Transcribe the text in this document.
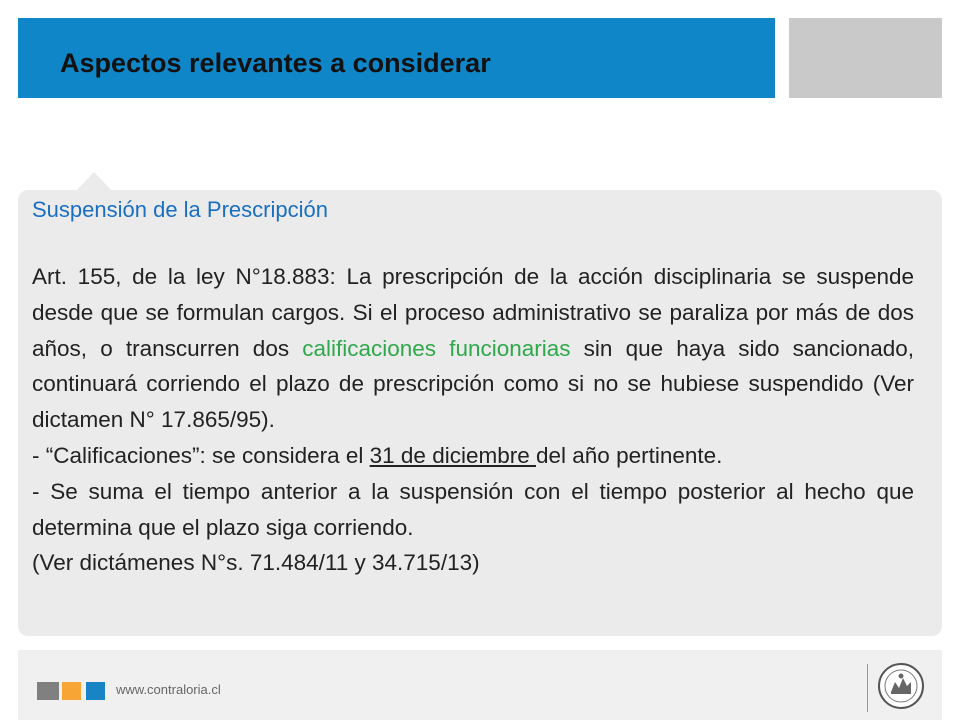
Aspectos relevantes a considerar
Suspensión de la Prescripción

Art. 155, de la ley N°18.883: La prescripción de la acción disciplinaria se suspende desde que se formulan cargos. Si el proceso administrativo se paraliza por más de dos años, o transcurren dos calificaciones funcionarias sin que haya sido sancionado, continuará corriendo el plazo de prescripción como si no se hubiese suspendido (Ver dictamen N° 17.865/95).

- “Calificaciones”: se considera el 31 de diciembre del año pertinente.

- Se suma el tiempo anterior a la suspensión con el tiempo posterior al hecho que determina que el plazo siga corriendo.

(Ver dictámenes N°s. 71.484/11 y 34.715/13)

www.contraloria.cl
